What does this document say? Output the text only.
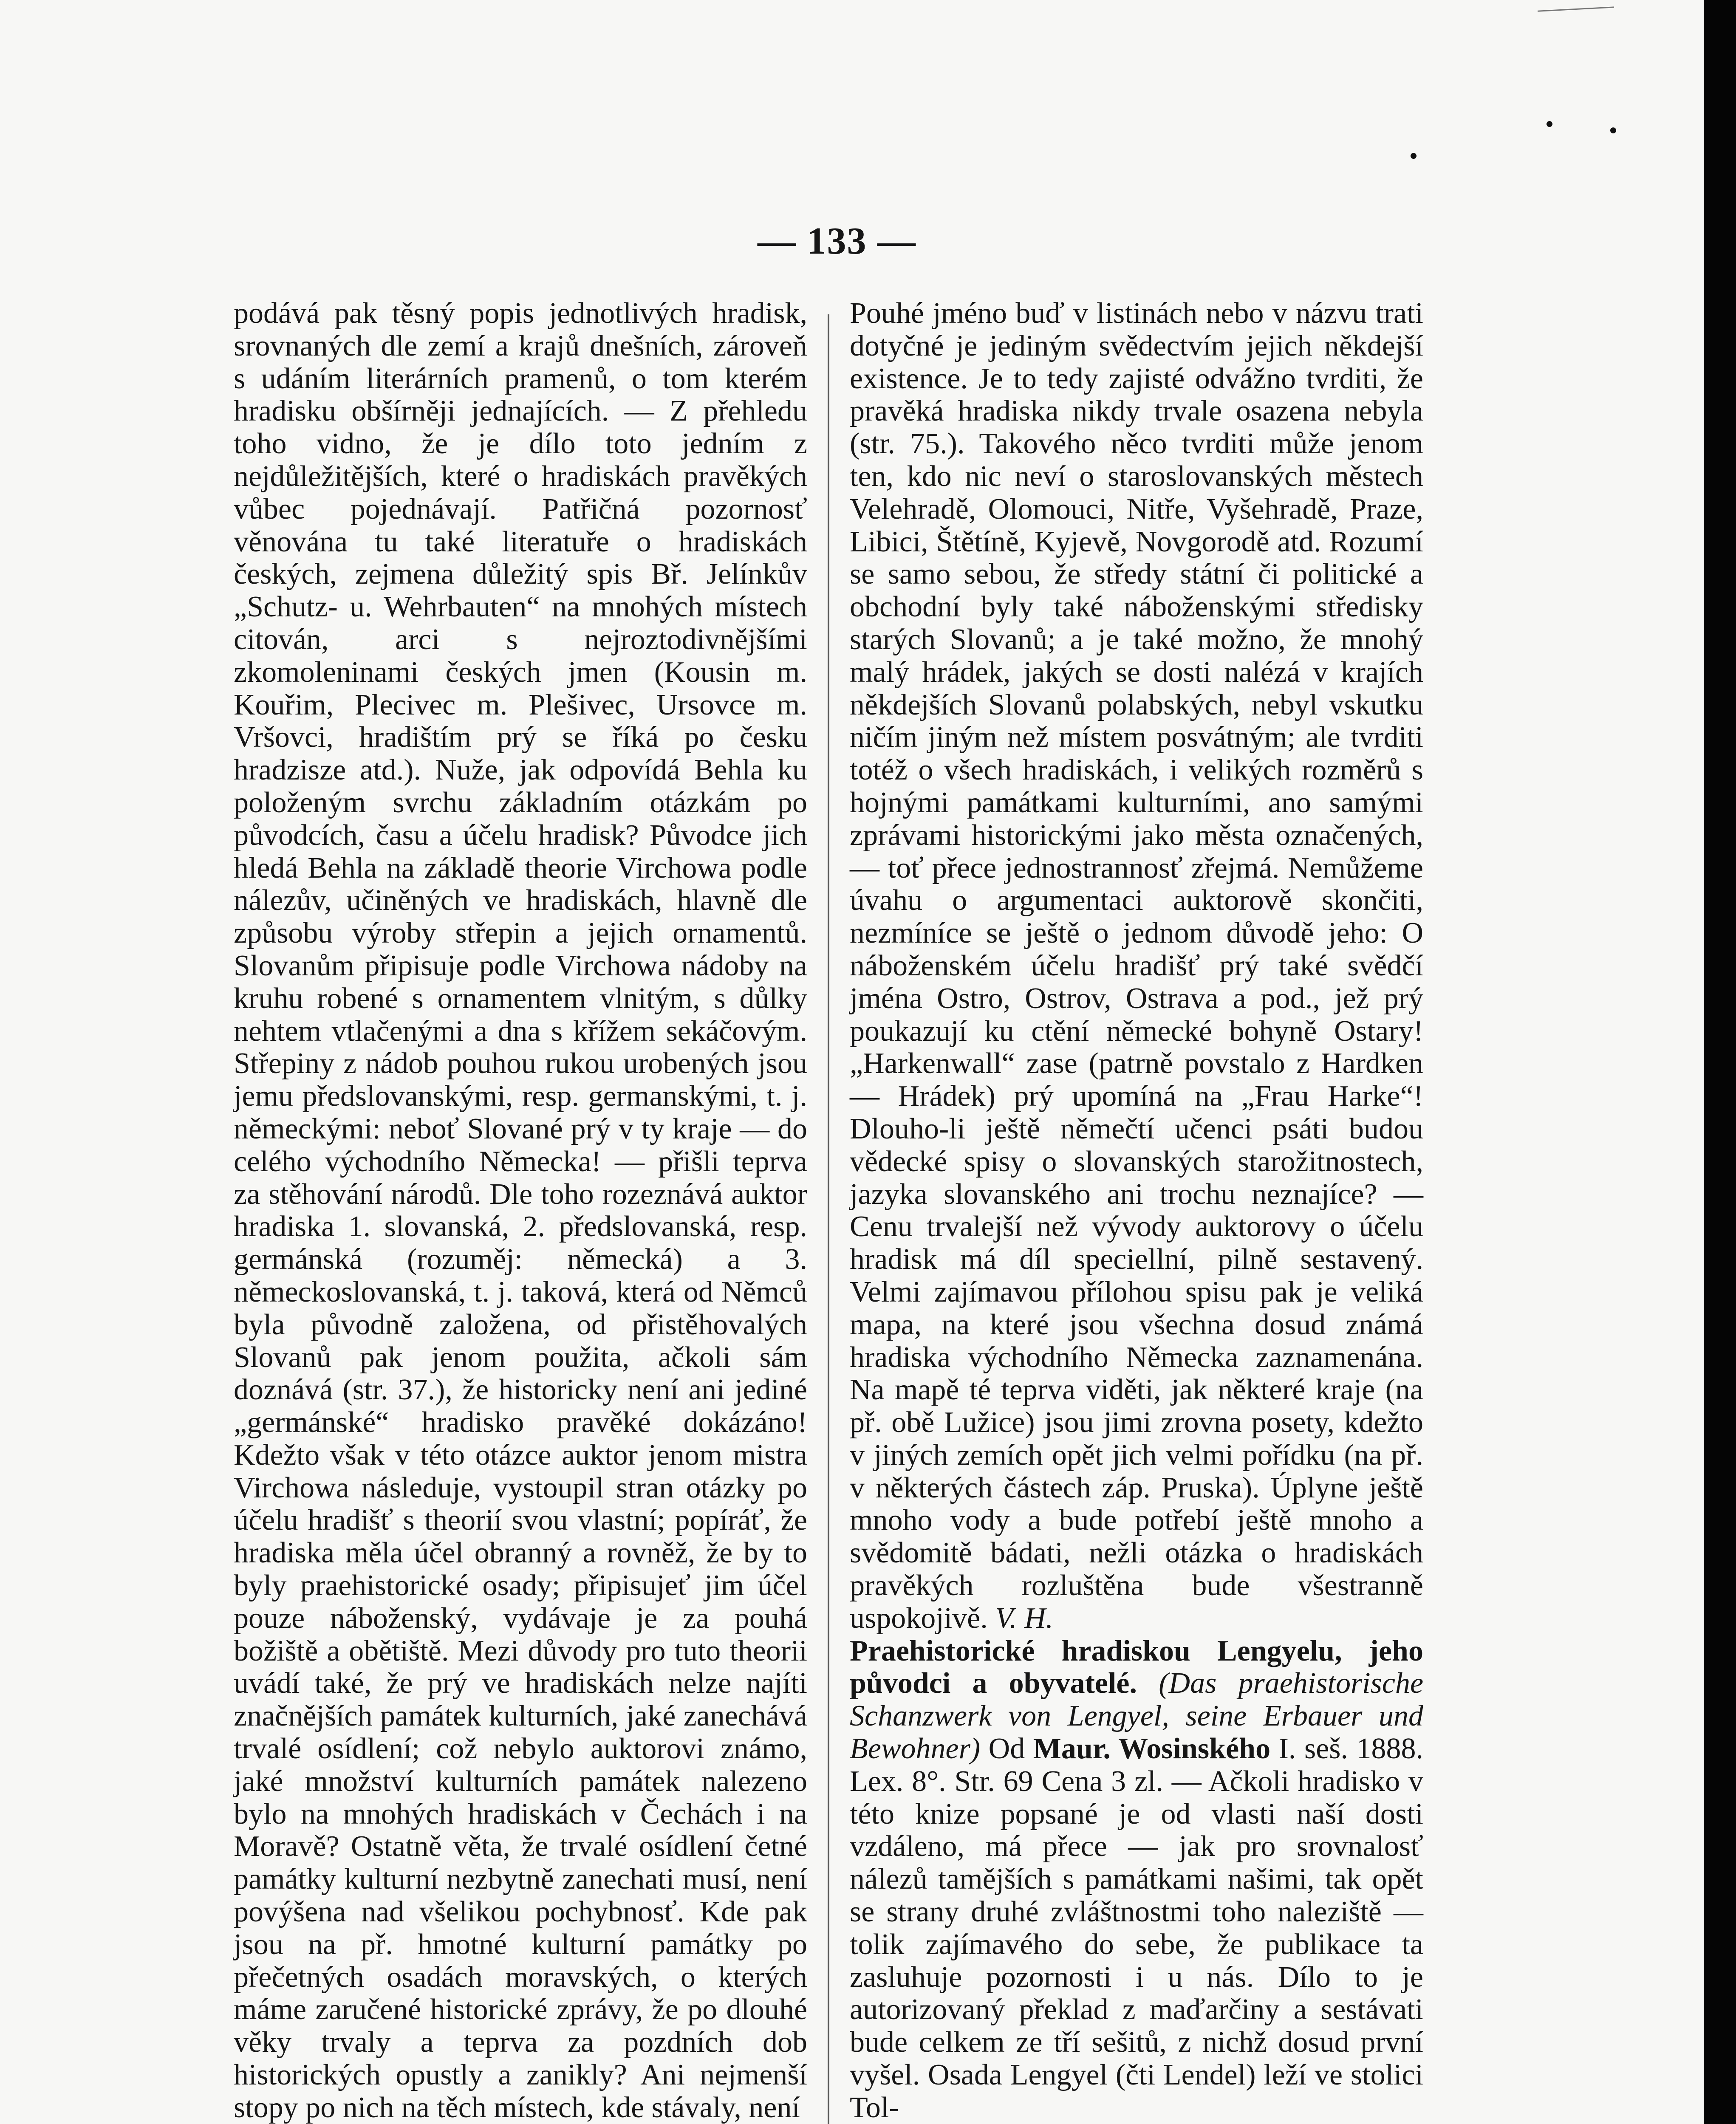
— 133 —

podává pak těsný popis jednotlivých hradisk, srovnaných dle zemí a krajů dnešních, zároveň s udáním literárních pramenů, o tom kterém hradisku obšírněji jednajících. — Z přehledu toho vidno, že je dílo toto jedním z nejdůležitějších, které o hradiskách pravěkých vůbec pojednávají. Patřičná pozornosť věnována tu také literatuře o hradiskách českých, zejmena důležitý spis Bř. Jelínkův „Schutz- u. Wehrbauten“ na mnohých místech citován, arci s nejroztodivnějšími zkomoleninami českých jmen (Kousin m. Kouřim, Plecivec m. Plešivec, Ursovce m. Vršovci, hradištím prý se říká po česku hradzisze atd.). Nuže, jak odpovídá Behla ku položeným svrchu základním otázkám po původcích, času a účelu hradisk? Původce jich hledá Behla na základě theorie Virchowa podle nálezův, učiněných ve hradiskách, hlavně dle způsobu výroby střepin a jejich ornamentů. Slovanům připisuje podle Virchowa nádoby na kruhu robené s ornamentem vlnitým, s důlky nehtem vtlačenými a dna s křížem sekáčovým. Střepiny z nádob pouhou rukou urobených jsou jemu předslovanskými, resp. germanskými, t. j. německými: neboť Slované prý v ty kraje — do celého východního Německa! — přišli teprva za stěhování národů. Dle toho rozeznává auktor hradiska 1. slovanská, 2. předslovanská, resp. germánská (rozuměj: německá) a 3. německoslovanská, t. j. taková, která od Němců byla původně založena, od přistěhovalých Slovanů pak jenom použita, ačkoli sám doznává (str. 37.), že historicky není ani jediné „germánské“ hradisko pravěké dokázáno! Kdežto však v této otázce auktor jenom mistra Virchowa následuje, vystoupil stran otázky po účelu hradišť s theorií svou vlastní; popíráť, že hradiska měla účel obranný a rovněž, že by to byly praehistorické osady; připisujeť jim účel pouze náboženský, vydávaje je za pouhá božiště a obětiště. Mezi důvody pro tuto theorii uvádí také, že prý ve hradiskách nelze najíti značnějších památek kulturních, jaké zanechává trvalé osídlení; což nebylo auktorovi známo, jaké množství kulturních památek nalezeno bylo na mnohých hradiskách v Čechách i na Moravě? Ostatně věta, že trvalé osídlení četné památky kulturní nezbytně zanechati musí, není povýšena nad všelikou pochybnosť. Kde pak jsou na př. hmotné kulturní památky po přečetných osadách moravských, o kterých máme zaručené historické zprávy, že po dlouhé věky trvaly a teprva za pozdních dob historických opustly a zanikly? Ani nejmenší stopy po nich na těch místech, kde stávaly, není

Pouhé jméno buď v listinách nebo v názvu trati dotyčné je jediným svědectvím jejich někdejší existence. Je to tedy zajisté odvážno tvrditi, že pravěká hradiska nikdy trvale osazena nebyla (str. 75.). Takového něco tvrditi může jenom ten, kdo nic neví o staroslovanských městech Velehradě, Olomouci, Nitře, Vyšehradě, Praze, Libici, Štětíně, Kyjevě, Novgorodě atd. Rozumí se samo sebou, že středy státní či politické a obchodní byly také náboženskými středisky starých Slovanů; a je také možno, že mnohý malý hrádek, jakých se dosti nalézá v krajích někdejších Slovanů polabských, nebyl vskutku ničím jiným než místem posvátným; ale tvrditi totéž o všech hradiskách, i velikých rozměrů s hojnými památkami kulturními, ano samými zprávami historickými jako města označených, — toť přece jednostrannosť zřejmá. Nemůžeme úvahu o argumentaci auktorově skončiti, nezmíníce se ještě o jednom důvodě jeho: O náboženském účelu hradišť prý také svědčí jména Ostro, Ostrov, Ostrava a pod., jež prý poukazují ku ctění německé bohyně Ostary! „Harkenwall“ zase (patrně povstalo z Hardken — Hrádek) prý upomíná na „Frau Harke“! Dlouho-li ještě němečtí učenci psáti budou vědecké spisy o slovanských starožitnostech, jazyka slovanského ani trochu neznajíce? — Cenu trvalejší než vývody auktorovy o účelu hradisk má díl speciellní, pilně sestavený. Velmi zajímavou přílohou spisu pak je veliká mapa, na které jsou všechna dosud známá hradiska východního Německa zaznamenána. Na mapě té teprva viděti, jak některé kraje (na př. obě Lužice) jsou jimi zrovna posety, kdežto v jiných zemích opět jich velmi pořídku (na př. v některých částech záp. Pruska). Úplyne ještě mnoho vody a bude potřebí ještě mnoho a svědomitě bádati, nežli otázka o hradiskách pravěkých rozluštěna bude všestranně uspokojivě. V. H.

Praehistorické hradiskou Lengyelu, jeho původci a obyvatelé. (Das praehistorische Schanzwerk von Lengyel, seine Erbauer und Bewohner) Od Maur. Wosinského I. seš. 1888. Lex. 8°. Str. 69 Cena 3 zl. — Ačkoli hradisko v této knize popsané je od vlasti naší dosti vzdáleno, má přece — jak pro srovnalosť nálezů tamějších s památkami našimi, tak opět se strany druhé zvláštnostmi toho naleziště — tolik zajímavého do sebe, že publikace ta zasluhuje pozornosti i u nás. Dílo to je autorizovaný překlad z maďarčiny a sestávati bude celkem ze tří sešitů, z nichž dosud první vyšel. Osada Lengyel (čti Lendel) leží ve stolici Tol-
